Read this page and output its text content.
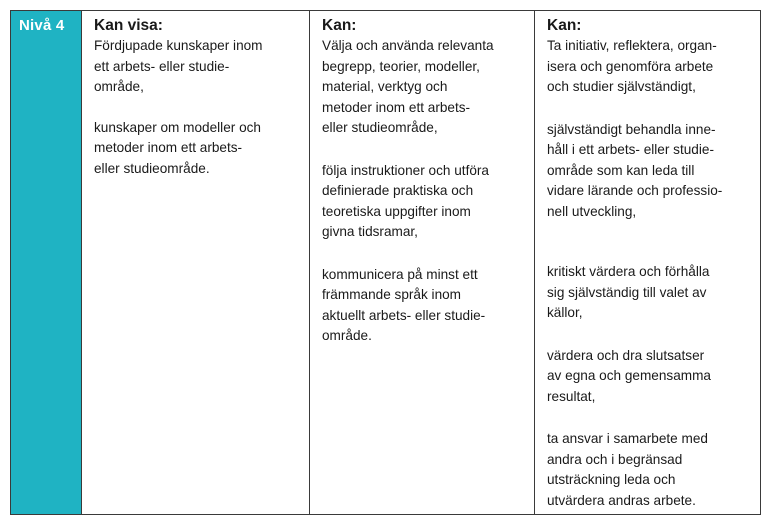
Nivå 4	Kan visa:

Fördjupade kunskaper inom
ett arbets- eller studie-
område,

kunskaper om modeller och
metoder inom ett arbets-
eller studieområde.

Kan:

Välja och använda relevanta
begrepp, teorier, modeller,
material, verktyg och
metoder inom ett arbets-
eller studieområde,

följa instruktioner och utföra
definierade praktiska och
teoretiska uppgifter inom
givna tidsramar,

kommunicera på minst ett
främmande språk inom
aktuellt arbets- eller studie-
område.

Kan:

Ta initiativ, reflektera, organ-
isera och genomföra arbete
och studier självständigt,

självständigt behandla inne-
håll i ett arbets- eller studie-
område som kan leda till
vidare lärande och professio-
nell utveckling,

kritiskt värdera och förhålla
sig självständig till valet av
källor,

värdera och dra slutsatser
av egna och gemensamma
resultat,

ta ansvar i samarbete med
andra och i begränsad
utsträckning leda och
utvärdera andras arbete.
